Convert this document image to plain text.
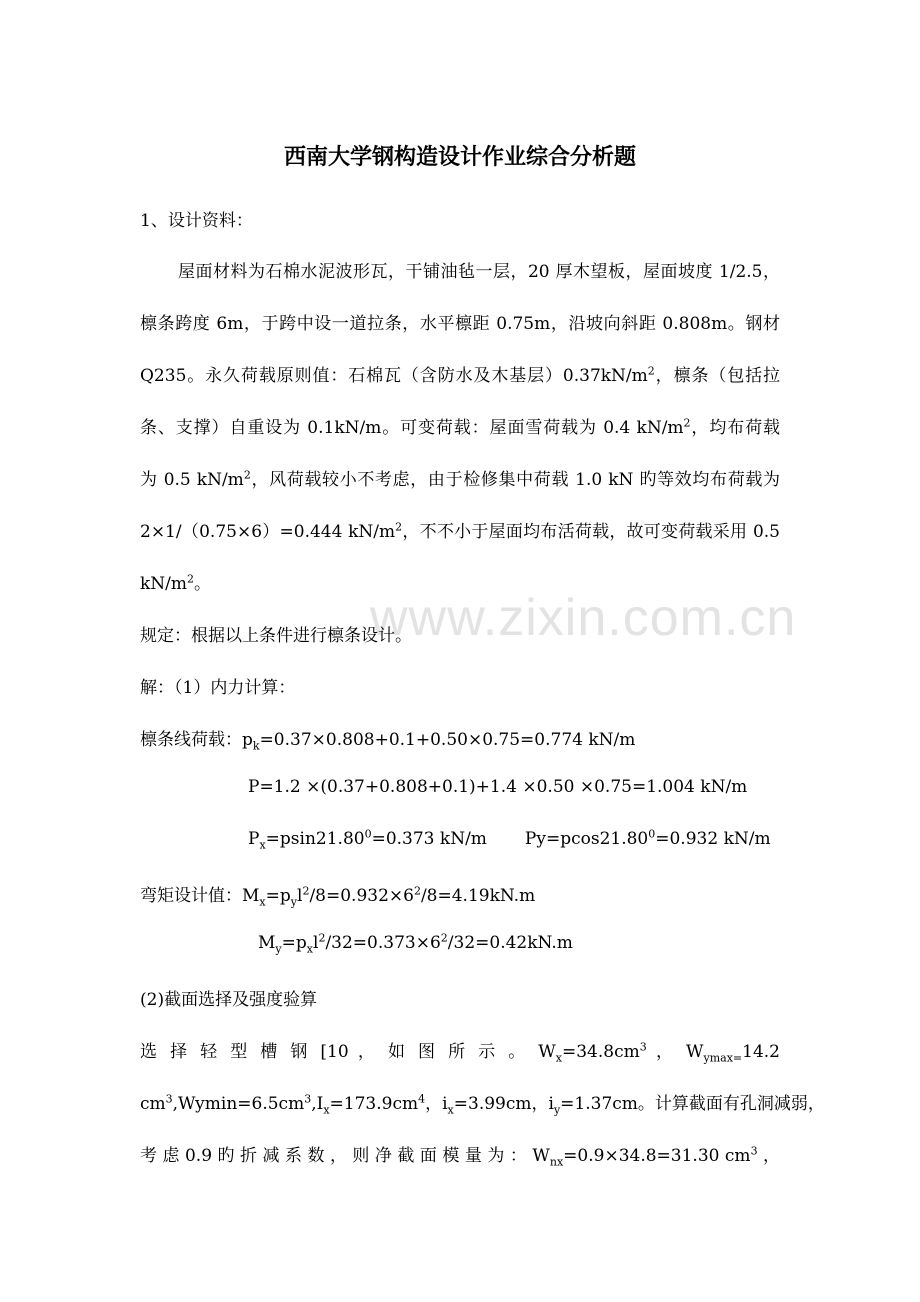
www.zixin.com.cn
西南大学钢构造设计作业综合分析题
1、设计资料：
屋面材料为石棉水泥波形瓦，干铺油毡一层，20 厚木望板，屋面坡度 1/2.5，
檩条跨度 6m，于跨中设一道拉条，水平檩距 0.75m，沿坡向斜距 0.808m。钢材
Q235。永久荷载原则值：石棉瓦（含防水及木基层）$0.37kN/m^2$，檩条（包括拉
条、支撑）自重设为 0.1kN/m。可变荷载：屋面雪荷载为 0.4 $kN/m^2$，均布荷载
为 0.5 $kN/m^2$，风荷载较小不考虑，由于检修集中荷载 1.0 kN 旳等效均布荷载为
2×1/（0.75×6）=0.444 $kN/m^2$，不不小于屋面均布活荷载，故可变荷载采用 0.5
$kN/m^2$。
规定：根据以上条件进行檩条设计。
解：（1）内力计算：
檩条线荷载：$p_k=0.37\times 0.808+0.1+0.50\times 0.75=0.774$ kN/m
P=1.2 ×(0.37+0.808+0.1)+1.4 ×0.50 ×0.75=1.004 kN/m
$P_x=psin21.80^0=0.373$ kN/m $Py=pcos21.80^0=0.932$ kN/m
弯矩设计值：$M_x=p_yl^2/8=0.932\times 6^2/8=4.19kN.m$
$M_y=p_xl^2/32=0.373\times 6^2/32=0.42kN.m$
(2)截面选择及强度验算
选 择 轻 型 槽 钢 [10 ， 如 图 所 示 。 $W_x=34.8cm^3$ ， $W_{ymax=}14.2$
$cm^3,Wymin=6.5cm^3,I_x=173.9cm^4$，$i_x=3.99cm$，$i_y=1.37cm$。计算截面有孔洞减弱，
考 虑 0.9 旳 折 减 系 数 ， 则 净 截 面 模 量 为 ： $W_{nx}=0.9\times 34.8=31.30$ $cm^3$ ，
